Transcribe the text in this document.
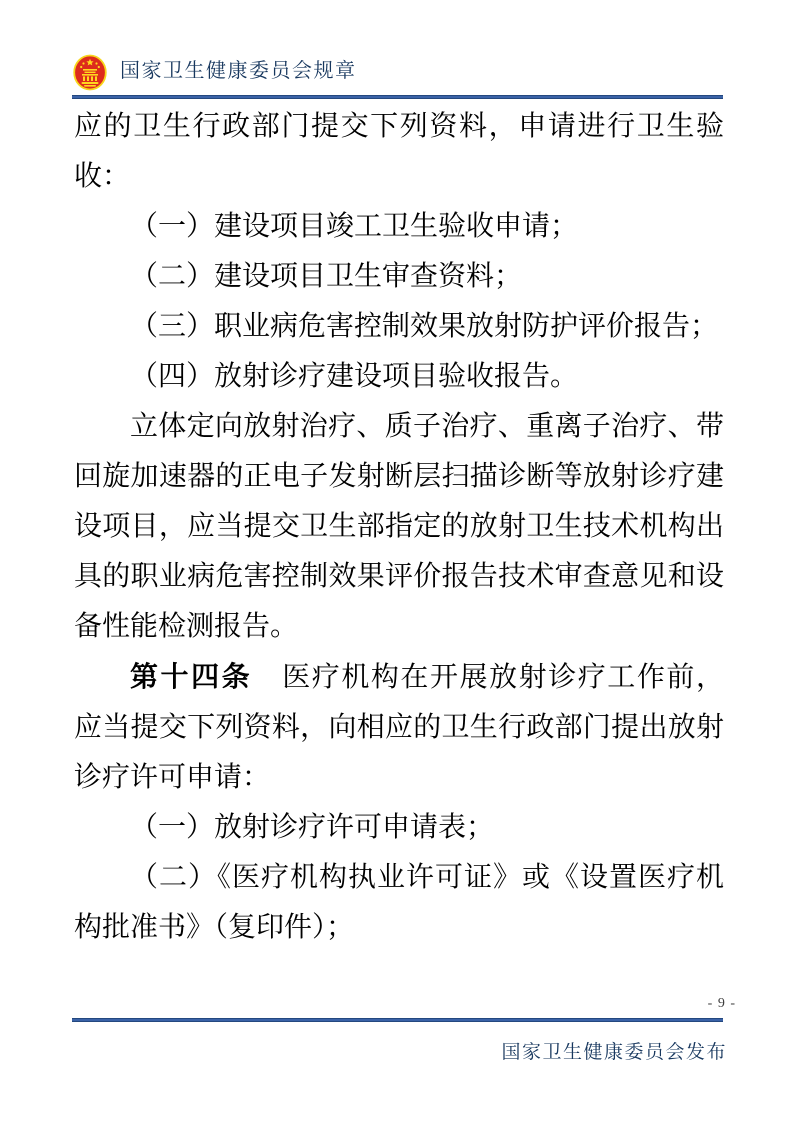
国家卫生健康委员会规章

应的卫生行政部门提交下列资料，申请进行卫生验收：

（一）建设项目竣工卫生验收申请；

（二）建设项目卫生审查资料；

（三）职业病危害控制效果放射防护评价报告；

（四）放射诊疗建设项目验收报告。

立体定向放射治疗、质子治疗、重离子治疗、带回旋加速器的正电子发射断层扫描诊断等放射诊疗建设项目，应当提交卫生部指定的放射卫生技术机构出具的职业病危害控制效果评价报告技术审查意见和设备性能检测报告。

第十四条 医疗机构在开展放射诊疗工作前，应当提交下列资料，向相应的卫生行政部门提出放射诊疗许可申请：

（一）放射诊疗许可申请表；

（二）《医疗机构执业许可证》或《设置医疗机构批准书》（复印件）；

- 9 -
国家卫生健康委员会发布
